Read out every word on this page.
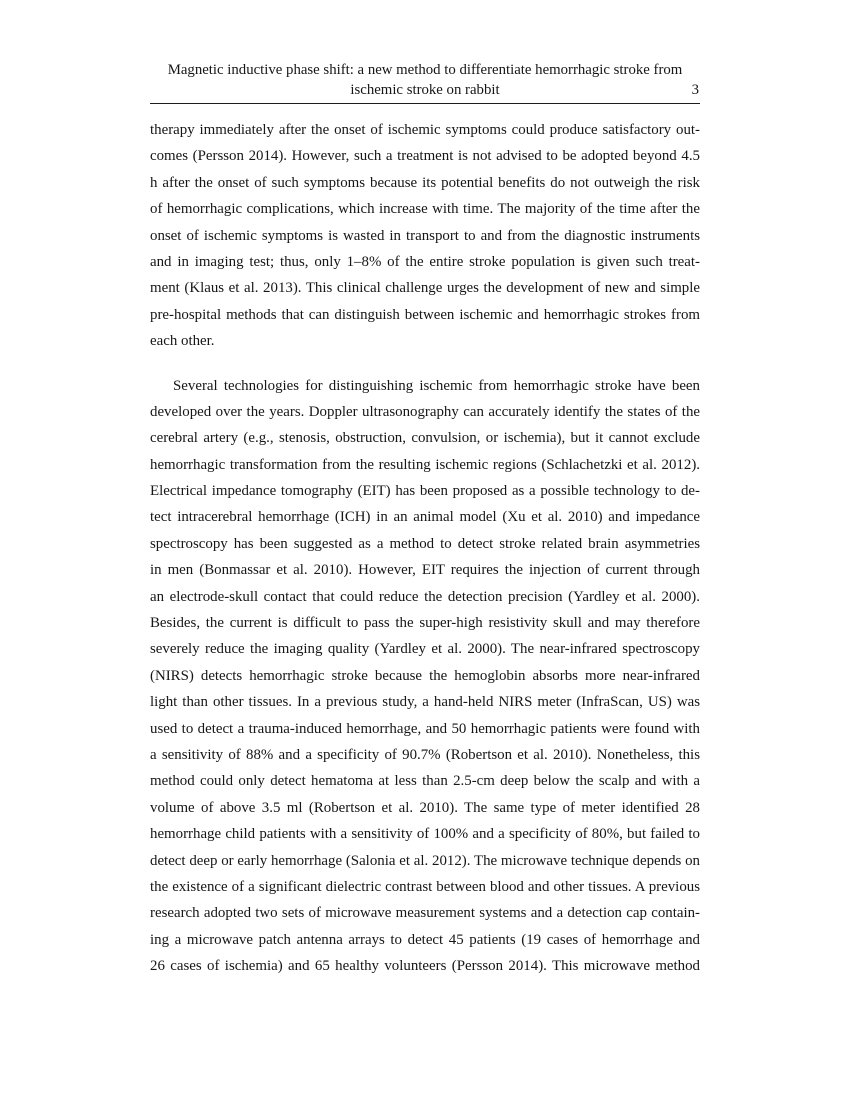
Magnetic inductive phase shift: a new method to differentiate hemorrhagic stroke from
ischemic stroke on rabbit	3
therapy immediately after the onset of ischemic symptoms could produce satisfactory out-
comes (Persson 2014). However, such a treatment is not advised to be adopted beyond 4.5
h after the onset of such symptoms because its potential benefits do not outweigh the risk
of hemorrhagic complications, which increase with time. The majority of the time after the
onset of ischemic symptoms is wasted in transport to and from the diagnostic instruments
and in imaging test; thus, only 1–8% of the entire stroke population is given such treat-
ment (Klaus et al. 2013). This clinical challenge urges the development of new and simple
pre-hospital methods that can distinguish between ischemic and hemorrhagic strokes from
each other.
Several technologies for distinguishing ischemic from hemorrhagic stroke have been
developed over the years. Doppler ultrasonography can accurately identify the states of the
cerebral artery (e.g., stenosis, obstruction, convulsion, or ischemia), but it cannot exclude
hemorrhagic transformation from the resulting ischemic regions (Schlachetzki et al. 2012).
Electrical impedance tomography (EIT) has been proposed as a possible technology to de-
tect intracerebral hemorrhage (ICH) in an animal model (Xu et al. 2010) and impedance
spectroscopy has been suggested as a method to detect stroke related brain asymmetries
in men (Bonmassar et al. 2010). However, EIT requires the injection of current through
an electrode-skull contact that could reduce the detection precision (Yardley et al. 2000).
Besides, the current is difficult to pass the super-high resistivity skull and may therefore
severely reduce the imaging quality (Yardley et al. 2000). The near-infrared spectroscopy
(NIRS) detects hemorrhagic stroke because the hemoglobin absorbs more near-infrared
light than other tissues. In a previous study, a hand-held NIRS meter (InfraScan, US) was
used to detect a trauma-induced hemorrhage, and 50 hemorrhagic patients were found with
a sensitivity of 88% and a specificity of 90.7% (Robertson et al. 2010). Nonetheless, this
method could only detect hematoma at less than 2.5-cm deep below the scalp and with a
volume of above 3.5 ml (Robertson et al. 2010). The same type of meter identified 28
hemorrhage child patients with a sensitivity of 100% and a specificity of 80%, but failed to
detect deep or early hemorrhage (Salonia et al. 2012). The microwave technique depends on
the existence of a significant dielectric contrast between blood and other tissues. A previous
research adopted two sets of microwave measurement systems and a detection cap contain-
ing a microwave patch antenna arrays to detect 45 patients (19 cases of hemorrhage and
26 cases of ischemia) and 65 healthy volunteers (Persson 2014). This microwave method
